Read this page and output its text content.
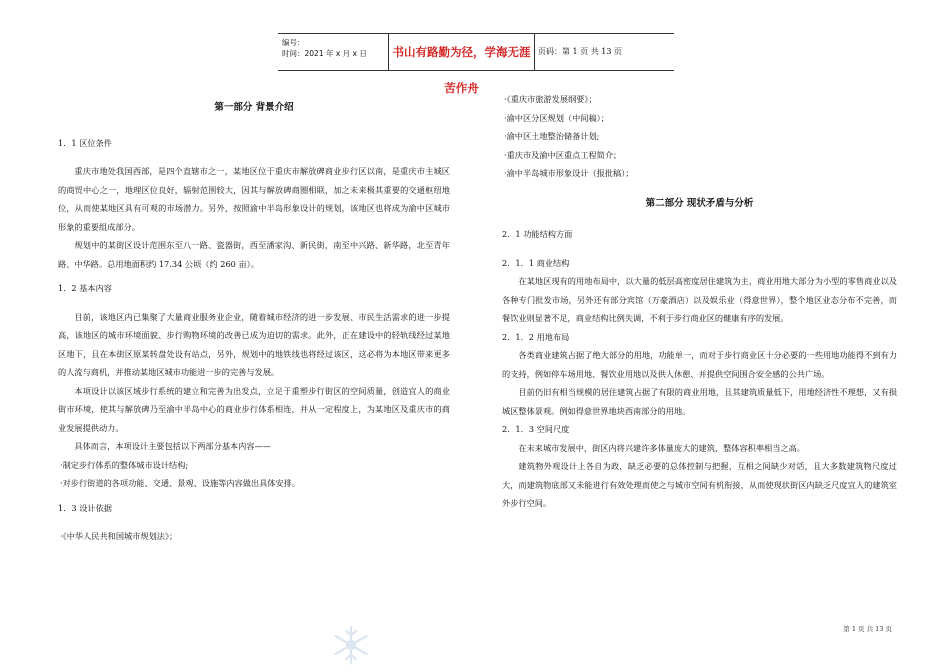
编号：
时间：2021 年 x 月 x 日	书山有路勤为径，学海无涯苦作舟
页码：第 1 页 共 13 页
第一部分 背景介绍
1．1 区位条件

重庆市地处我国西部，是四个直辖市之一，某地区位于重庆市解放碑商业步行区以南，是重庆市主城区的商贸中心之一，地理区位良好，辐射范围较大，因其与解放碑商圈相联，加之未来极其重要的交通枢纽地位，从而使某地区具有可观的市场潜力。另外，按照渝中半岛形象设计的规划，该地区也将成为渝中区城市形象的重要组成部分。

规划中的某街区设计范围东至八一路、瓷器街，西至潘家沟、新民街，南至中兴路、新华路，北至青年路、中华路。总用地面积约 17.34 公顷（约 260 亩）。

1．2 基本内容

目前，该地区内已集聚了大量商业服务业企业，随着城市经济的进一步发展、市民生活需求的进一步提高，该地区的城市环境面貌、步行购物环境的改善已成为迫切的需求。此外，正在建设中的轻轨线经过某地区地下，且在本街区原某转盘处设有站点，另外，规划中的地铁线也将经过该区，这必将为本地区带来更多的人流与商机，并推动某地区城市功能进一步的完善与发展。

本项设计以该区域步行系统的建立和完善为出发点，立足于重塑步行街区的空间质量，创造宜人的商业街市环境，使其与解放碑乃至渝中半岛中心的商业步行体系相连，并从一定程度上，为某地区及重庆市的商业发展提供动力。

具体而言，本项设计主要包括以下两部分基本内容——

·制定步行体系的整体城市设计结构;
·对步行街道的各项功能、交通、景观、设施等内容做出具体安排。
1．3 设计依据
·《中华人民共和国城市规划法》；
·《重庆市旅游发展纲要》；
·渝中区分区规划（中间稿）；
·渝中区土地整治储备计划;
·重庆市及渝中区重点工程简介；
·渝中半岛城市形象设计（报批稿）；
第二部分 现状矛盾与分析
2．1 功能结构方面
2．1．1 商业结构

在某地区现有的用地布局中，以大量的低层高密度居住建筑为主，商业用地大部分为小型的零售商业以及各种专门批发市场，另外还有部分宾馆（万豪酒店）以及娱乐业（得意世界），整个地区业态分布不完善，而餐饮业则显著不足，商业结构比例失调，不利于步行商业区的健康有序的发展。

2．1．2 用地布局

各类商业建筑占据了绝大部分的用地，功能单一，而对于步行商业区十分必要的一些用地功能得不到有力的支持，例如停车场用地、餐饮业用地以及供人休憩、并提供空间围合安全感的公共广场。

目前仍旧有相当规模的居住建筑占据了有限的商业用地，且其建筑质量低下，用地经济性不理想，又有损城区整体景观。例如得意世界地块西南部分的用地。

2．1．3 空间尺度

在未来城市发展中，街区内将兴建许多体量庞大的建筑，整体容积率相当之高。

建筑物外观设计上各自为政，缺乏必要的总体控制与把握，互相之间缺少对话，且大多数建筑物尺度过大，而建筑物底部又未能进行有效处理而使之与城市空间有机衔接，从而使现状街区内缺乏尺度宜人的建筑室外步行空间。

第 1 页 共 13 页
